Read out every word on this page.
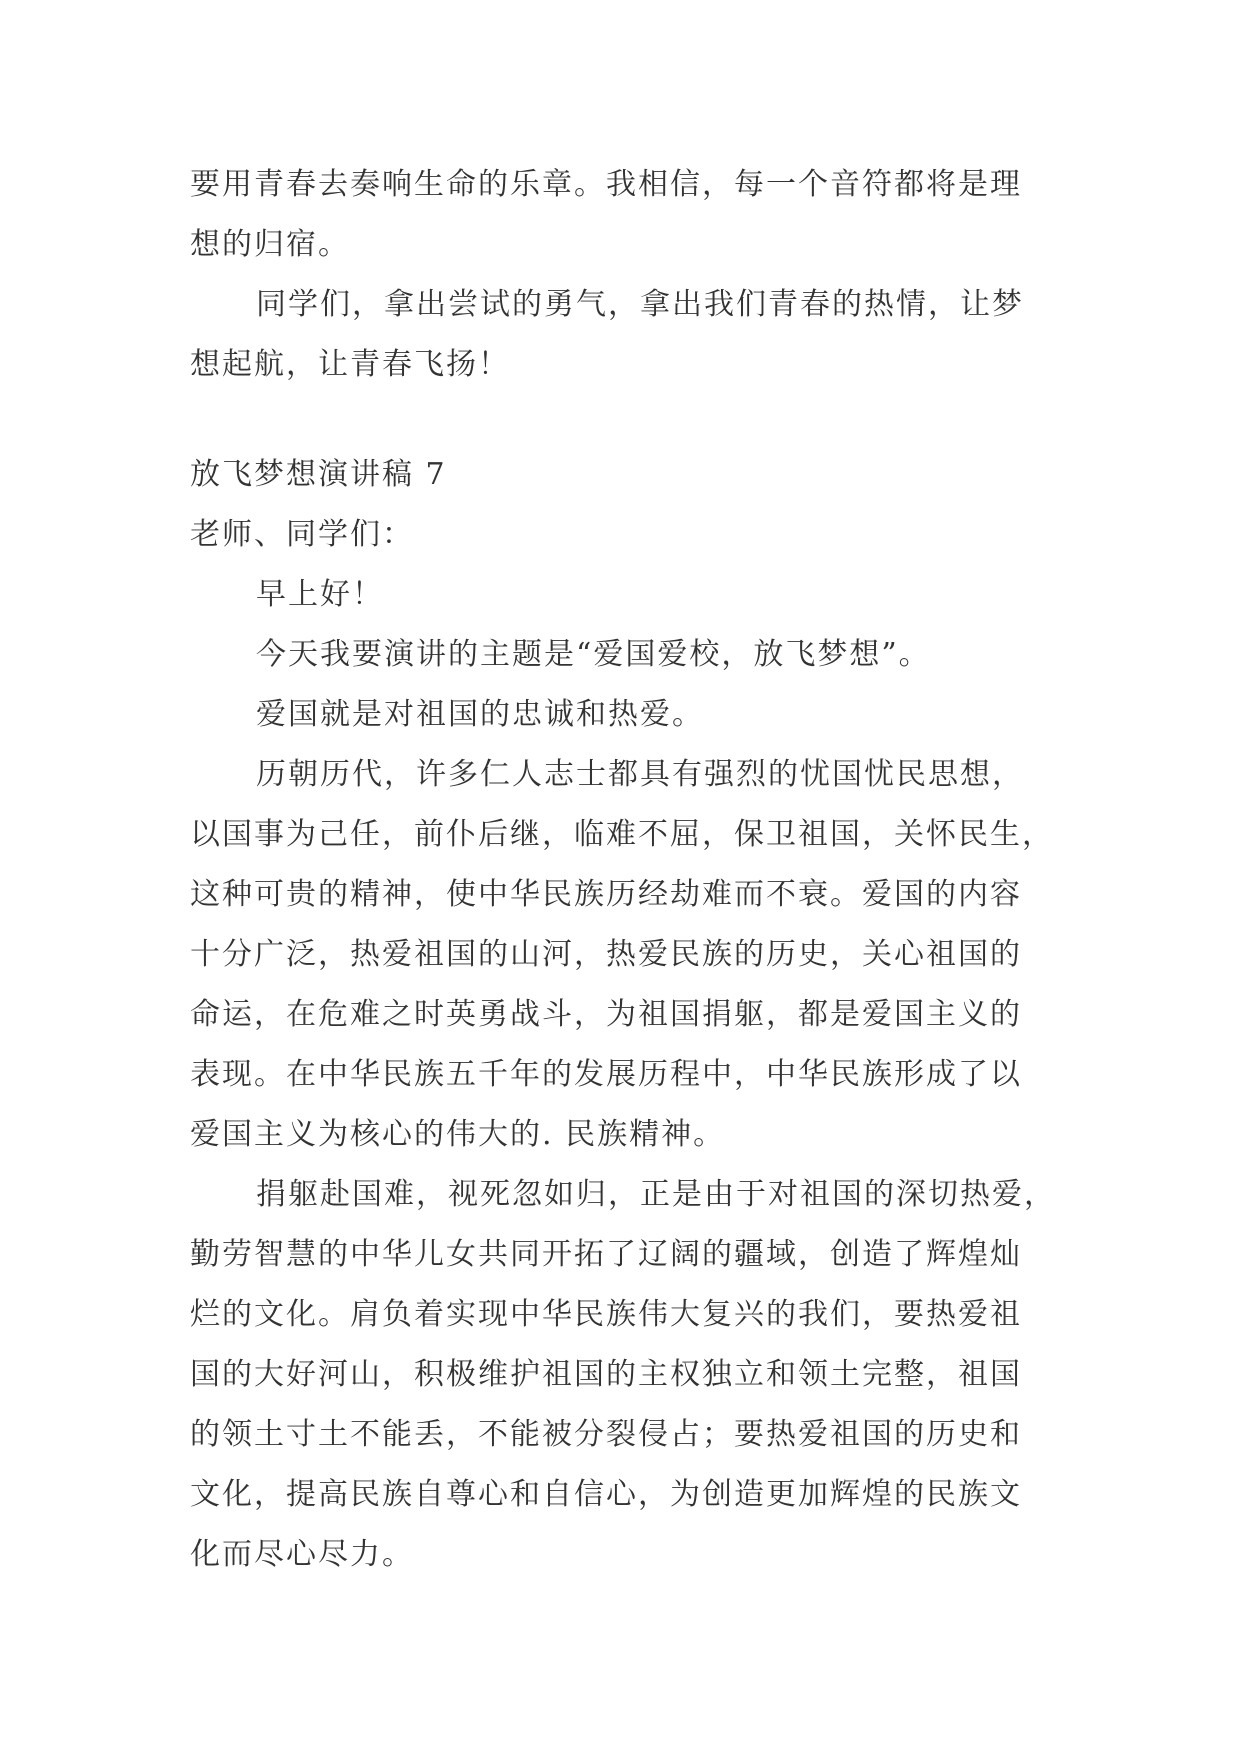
要用青春去奏响生命的乐章。我相信，每一个音符都将是理
想的归宿。
同学们，拿出尝试的勇气，拿出我们青春的热情，让梦
想起航，让青春飞扬！
放飞梦想演讲稿 7
老师、同学们：
早上好！
今天我要演讲的主题是“爱国爱校，放飞梦想”。
爱国就是对祖国的忠诚和热爱。
历朝历代，许多仁人志士都具有强烈的忧国忧民思想，
以国事为己任，前仆后继，临难不屈，保卫祖国，关怀民生，
这种可贵的精神，使中华民族历经劫难而不衰。爱国的内容
十分广泛，热爱祖国的山河，热爱民族的历史，关心祖国的
命运，在危难之时英勇战斗，为祖国捐躯，都是爱国主义的
表现。在中华民族五千年的发展历程中，中华民族形成了以
爱国主义为核心的伟大的. 民族精神。
捐躯赴国难，视死忽如归，正是由于对祖国的深切热爱，
勤劳智慧的中华儿女共同开拓了辽阔的疆域，创造了辉煌灿
烂的文化。肩负着实现中华民族伟大复兴的我们，要热爱祖
国的大好河山，积极维护祖国的主权独立和领土完整，祖国
的领土寸土不能丢，不能被分裂侵占；要热爱祖国的历史和
文化，提高民族自尊心和自信心，为创造更加辉煌的民族文
化而尽心尽力。
